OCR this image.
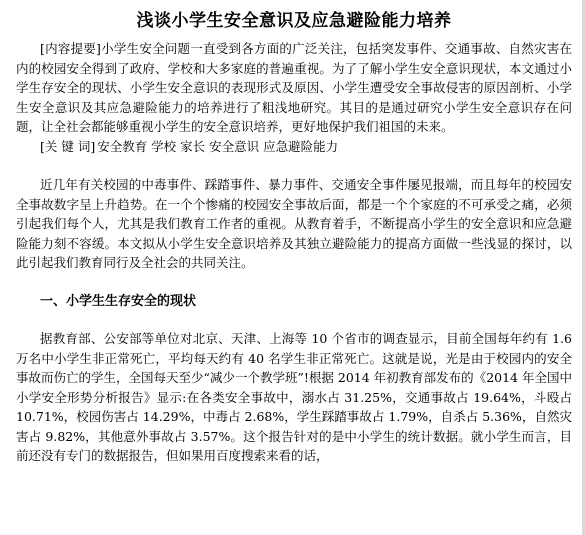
浅谈小学生安全意识及应急避险能力培养

[内容提要]小学生安全问题一直受到各方面的广泛关注，包括突发事件、交通事故、自然灾害在内的校园安全得到了政府、学校和大多家庭的普遍重视。为了了解小学生安全意识现状，本文通过小学生存安全的现状、小学生安全意识的表现形式及原因、小学生遭受安全事故侵害的原因剖析、小学生安全意识及其应急避险能力的培养进行了粗浅地研究。其目的是通过研究小学生安全意识存在问题，让全社会都能够重视小学生的安全意识培养，更好地保护我们祖国的未来。

[关 键 词] 安全教育 学校 家长 安全意识 应急避险能力

近几年有关校园的中毒事件、踩踏事件、暴力事件、交通安全事件屡见报端，而且每年的校园安全事故数字呈上升趋势。在一个个惨痛的校园安全事故后面，都是一个个家庭的不可承受之痛，必须引起我们每个人，尤其是我们教育工作者的重视。从教育着手，不断提高小学生的安全意识和应急避险能力刻不容缓。本文拟从小学生安全意识培养及其独立避险能力的提高方面做一些浅显的探讨，以此引起我们教育同行及全社会的共同关注。

一、小学生生存安全的现状

据教育部、公安部等单位对北京、天津、上海等 10 个省市的调查显示，目前全国每年约有 1.6 万名中小学生非正常死亡，平均每天约有 40 名学生非正常死亡。这就是说，光是由于校园内的安全事故而伤亡的学生，全国每天至少“减少一个教学班”!根据 2014 年初教育部发布的《2014 年全国中小学安全形势分析报告》显示:在各类安全事故中，溺水占 31.25%，交通事故占 19.64%，斗殴占 10.71%，校园伤害占 14.29%，中毒占 2.68%，学生踩踏事故占 1.79%，自杀占 5.36%，自然灾害占 9.82%，其他意外事故占 3.57%。这个报告针对的是中小学生的统计数据。就小学生而言，目前还没有专门的数据报告，但如果用百度搜索来看的话，
